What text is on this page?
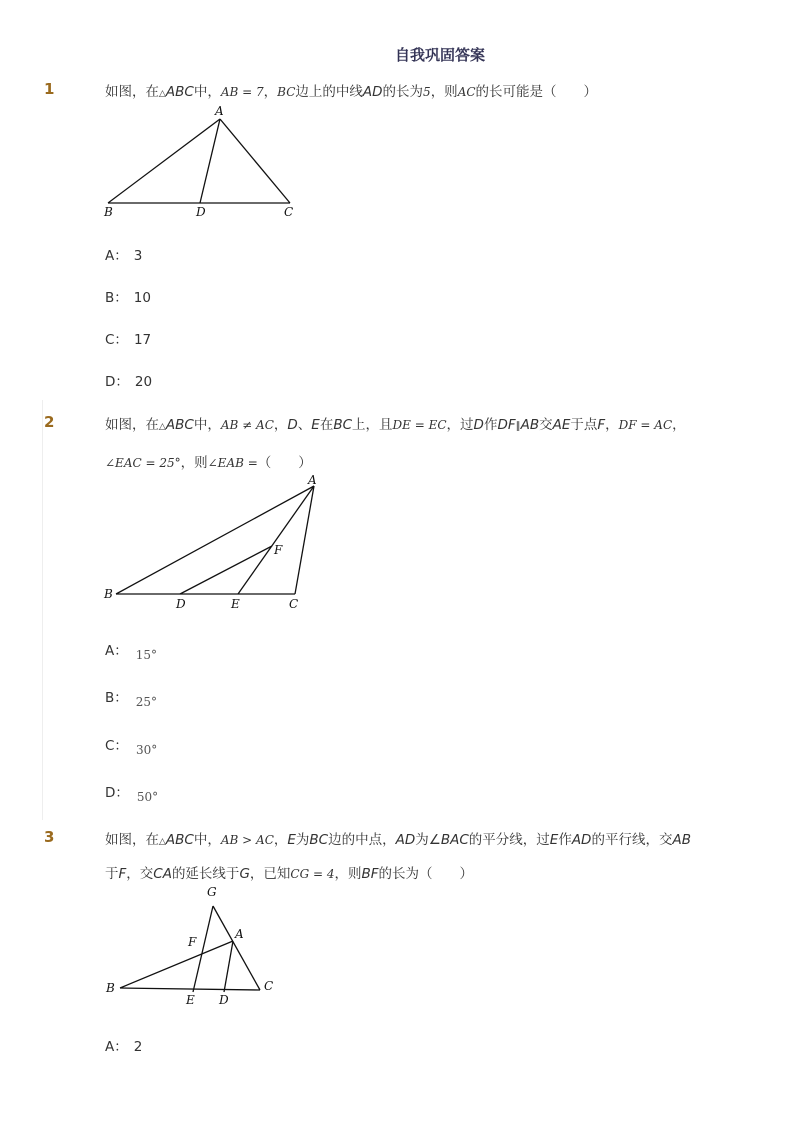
自我巩固答案
1	如图，在△ABC中，AB = 7，BC边上的中线AD的长为5，则AC的长可能是（　　）
A
B	D	C
A： 3
B： 10
C： 17
D： 20
2	如图，在△ABC中，AB ≠ AC，D、E在BC上，且DE = EC，过D作DF∥AB交AE于点F，DF = AC，
∠EAC = 25°，则∠EAB =（　　）
A
F
B
D	E	C
A： 15°
B： 25°
C： 30°
D： 50°
3	如图，在△ABC中，AB > AC，E为BC边的中点，AD为∠BAC的平分线，过E作AD的平行线，交AB
于F，交CA的延长线于G，已知CG = 4，则BF的长为（　　）
G
F
A
B	C
E D
A： 2
